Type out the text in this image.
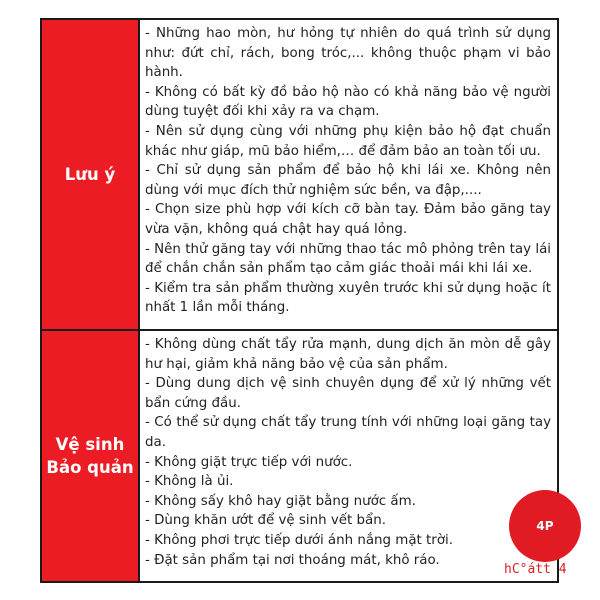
Lưu ý
- Những hao mòn, hư hỏng tự nhiên do quá trình sử dụng như: đứt chỉ, rách, bong tróc,... không thuộc phạm vi bảo hành.
- Không có bất kỳ đồ bảo hộ nào có khả năng bảo vệ người dùng tuyệt đối khi xảy ra va chạm.
- Nên sử dụng cùng với những phụ kiện bảo hộ đạt chuẩn khác như giáp, mũ bảo hiểm,… để đảm bảo an toàn tối ưu.
- Chỉ sử dụng sản phẩm để bảo hộ khi lái xe. Không nên dùng với mục đích thử nghiệm sức bền, va đập,....
- Chọn size phù hợp với kích cỡ bàn tay. Đảm bảo găng tay vừa vặn, không quá chật hay quá lỏng.
- Nên thử găng tay với những thao tác mô phỏng trên tay lái để chắn chắn sản phẩm tạo cảm giác thoải mái khi lái xe.
- Kiểm tra sản phẩm thường xuyên trước khi sử dụng hoặc ít nhất 1 lần mỗi tháng.
Vệ sinh
Bảo quản
- Không dùng chất tẩy rửa mạnh, dung dịch ăn mòn dễ gây hư hại, giảm khả năng bảo vệ của sản phẩm.
- Dùng dung dịch vệ sinh chuyên dụng để xử lý những vết bẩn cứng đầu.
- Có thể sử dụng chất tẩy trung tính với những loại găng tay da.
- Không giặt trực tiếp với nước.
- Không là ủi.
- Không sấy khô hay giặt bằng nước ấm.
- Dùng khăn ướt để vệ sinh vết bẩn.
- Không phơi trực tiếp dưới ánh nắng mặt trời.
- Đặt sản phẩm tại nơi thoáng mát, khô ráo.
4P
hC°átt 4
